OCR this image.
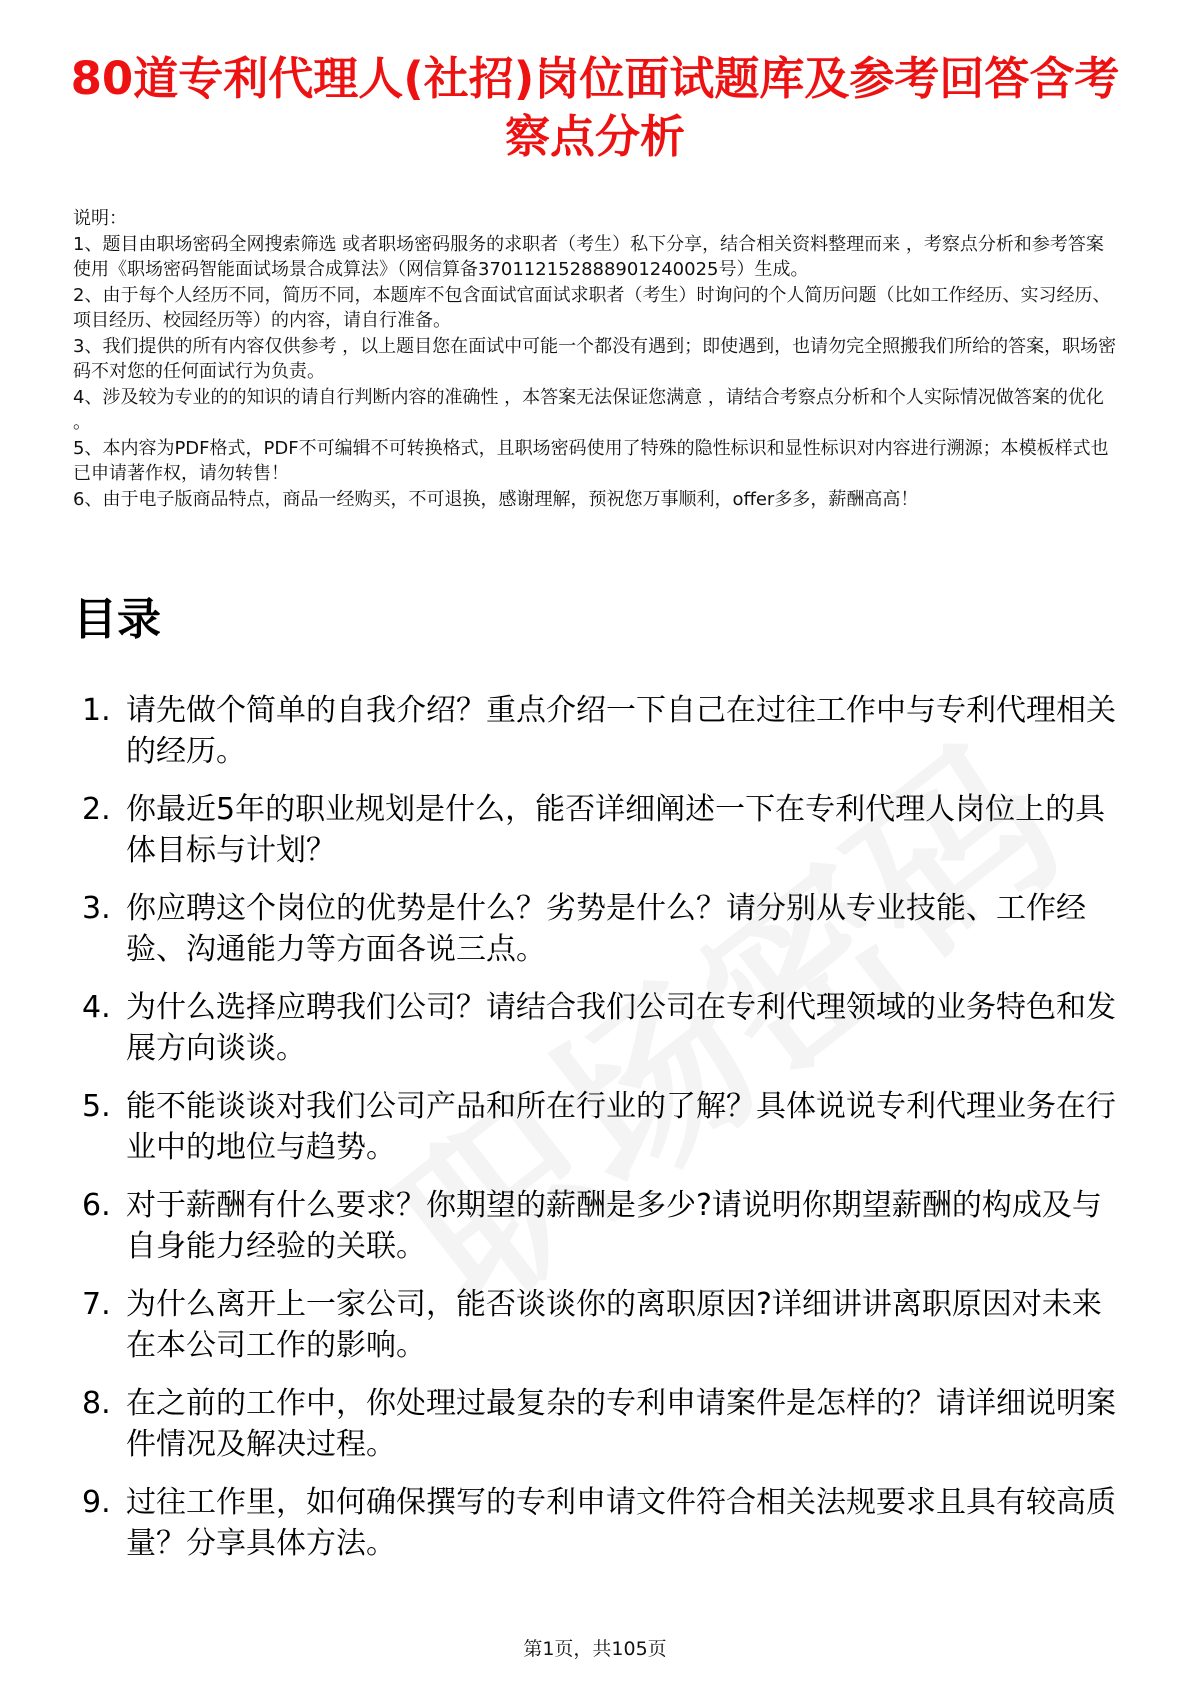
80道专利代理人(社招)岗位面试题库及参考回答含考察点分析
说明：

1、题目由职场密码全网搜索筛选 或者职场密码服务的求职者（考生）私下分享，结合相关资料整理而来 ，考察点分析和参考答案使用《职场密码智能面试场景合成算法》（网信算备370112152888901240025号）生成。

2、由于每个人经历不同，简历不同，本题库不包含面试官面试求职者（考生）时询问的个人简历问题（比如工作经历、实习经历、项目经历、校园经历等）的内容，请自行准备。

3、我们提供的所有内容仅供参考 ，以上题目您在面试中可能一个都没有遇到；即使遇到，也请勿完全照搬我们所给的答案，职场密码不对您的任何面试行为负责。

4、涉及较为专业的的知识的请自行判断内容的准确性 ，本答案无法保证您满意 ，请结合考察点分析和个人实际情况做答案的优化 。

5、本内容为PDF格式，PDF不可编辑不可转换格式，且职场密码使用了特殊的隐性标识和显性标识对内容进行溯源；本模板样式也已申请著作权，请勿转售！

6、由于电子版商品特点，商品一经购买，不可退换，感谢理解，预祝您万事顺利，offer多多，薪酬高高！

目录
1. 请先做个简单的自我介绍？重点介绍一下自己在过往工作中与专利代理相关的经历。
2. 你最近5年的职业规划是什么，能否详细阐述一下在专利代理人岗位上的具体目标与计划？
3. 你应聘这个岗位的优势是什么？劣势是什么？请分别从专业技能、工作经验、沟通能力等方面各说三点。
4. 为什么选择应聘我们公司？请结合我们公司在专利代理领域的业务特色和发展方向谈谈。
5. 能不能谈谈对我们公司产品和所在行业的了解？具体说说专利代理业务在行业中的地位与趋势。
6. 对于薪酬有什么要求？你期望的薪酬是多少?请说明你期望薪酬的构成及与自身能力经验的关联。
7. 为什么离开上一家公司，能否谈谈你的离职原因?详细讲讲离职原因对未来在本公司工作的影响。
8. 在之前的工作中，你处理过最复杂的专利申请案件是怎样的？请详细说明案件情况及解决过程。
9. 过往工作里，如何确保撰写的专利申请文件符合相关法规要求且具有较高质量？分享具体方法。
第1页，共105页
